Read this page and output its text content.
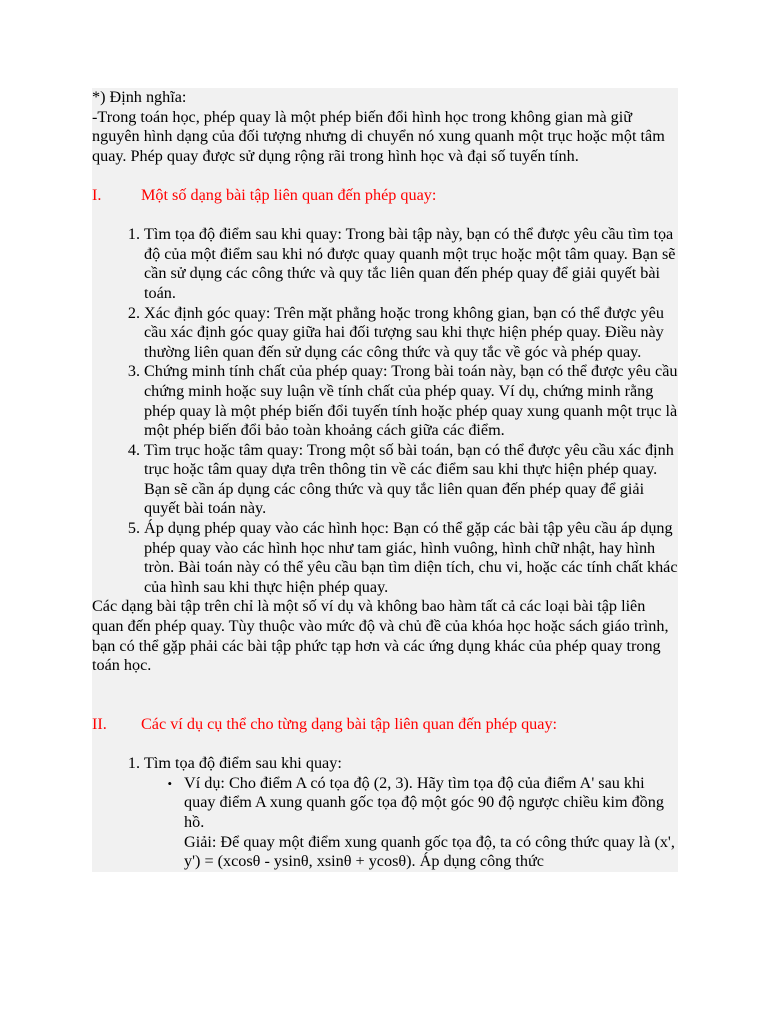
*) Định nghĩa:

-Trong toán học, phép quay là một phép biến đổi hình học trong không gian mà giữ nguyên hình dạng của đối tượng nhưng di chuyển nó xung quanh một trục hoặc một tâm quay. Phép quay được sử dụng rộng rãi trong hình học và đại số tuyến tính.

I.	Một số dạng bài tập liên quan đến phép quay:
1. Tìm tọa độ điểm sau khi quay: Trong bài tập này, bạn có thể được yêu cầu tìm tọa độ của một điểm sau khi nó được quay quanh một trục hoặc một tâm quay. Bạn sẽ cần sử dụng các công thức và quy tắc liên quan đến phép quay để giải quyết bài toán.
2. Xác định góc quay: Trên mặt phẳng hoặc trong không gian, bạn có thể được yêu cầu xác định góc quay giữa hai đối tượng sau khi thực hiện phép quay. Điều này thường liên quan đến sử dụng các công thức và quy tắc về góc và phép quay.
3. Chứng minh tính chất của phép quay: Trong bài toán này, bạn có thể được yêu cầu chứng minh hoặc suy luận về tính chất của phép quay. Ví dụ, chứng minh rằng phép quay là một phép biến đổi tuyến tính hoặc phép quay xung quanh một trục là một phép biến đổi bảo toàn khoảng cách giữa các điểm.
4. Tìm trục hoặc tâm quay: Trong một số bài toán, bạn có thể được yêu cầu xác định trục hoặc tâm quay dựa trên thông tin về các điểm sau khi thực hiện phép quay. Bạn sẽ cần áp dụng các công thức và quy tắc liên quan đến phép quay để giải quyết bài toán này.
5. Áp dụng phép quay vào các hình học: Bạn có thể gặp các bài tập yêu cầu áp dụng phép quay vào các hình học như tam giác, hình vuông, hình chữ nhật, hay hình tròn. Bài toán này có thể yêu cầu bạn tìm diện tích, chu vi, hoặc các tính chất khác của hình sau khi thực hiện phép quay.

Các dạng bài tập trên chỉ là một số ví dụ và không bao hàm tất cả các loại bài tập liên quan đến phép quay. Tùy thuộc vào mức độ và chủ đề của khóa học hoặc sách giáo trình, bạn có thể gặp phải các bài tập phức tạp hơn và các ứng dụng khác của phép quay trong toán học.

II.	Các ví dụ cụ thể cho từng dạng bài tập liên quan đến phép quay:
1. Tìm tọa độ điểm sau khi quay:
• Ví dụ: Cho điểm A có tọa độ (2, 3). Hãy tìm tọa độ của điểm A' sau khi quay điểm A xung quanh gốc tọa độ một góc 90 độ ngược chiều kim đồng hồ.
Giải: Để quay một điểm xung quanh gốc tọa độ, ta có công thức quay là (x', y') = (xcosθ - ysinθ, xsinθ + ycosθ). Áp dụng công thức
